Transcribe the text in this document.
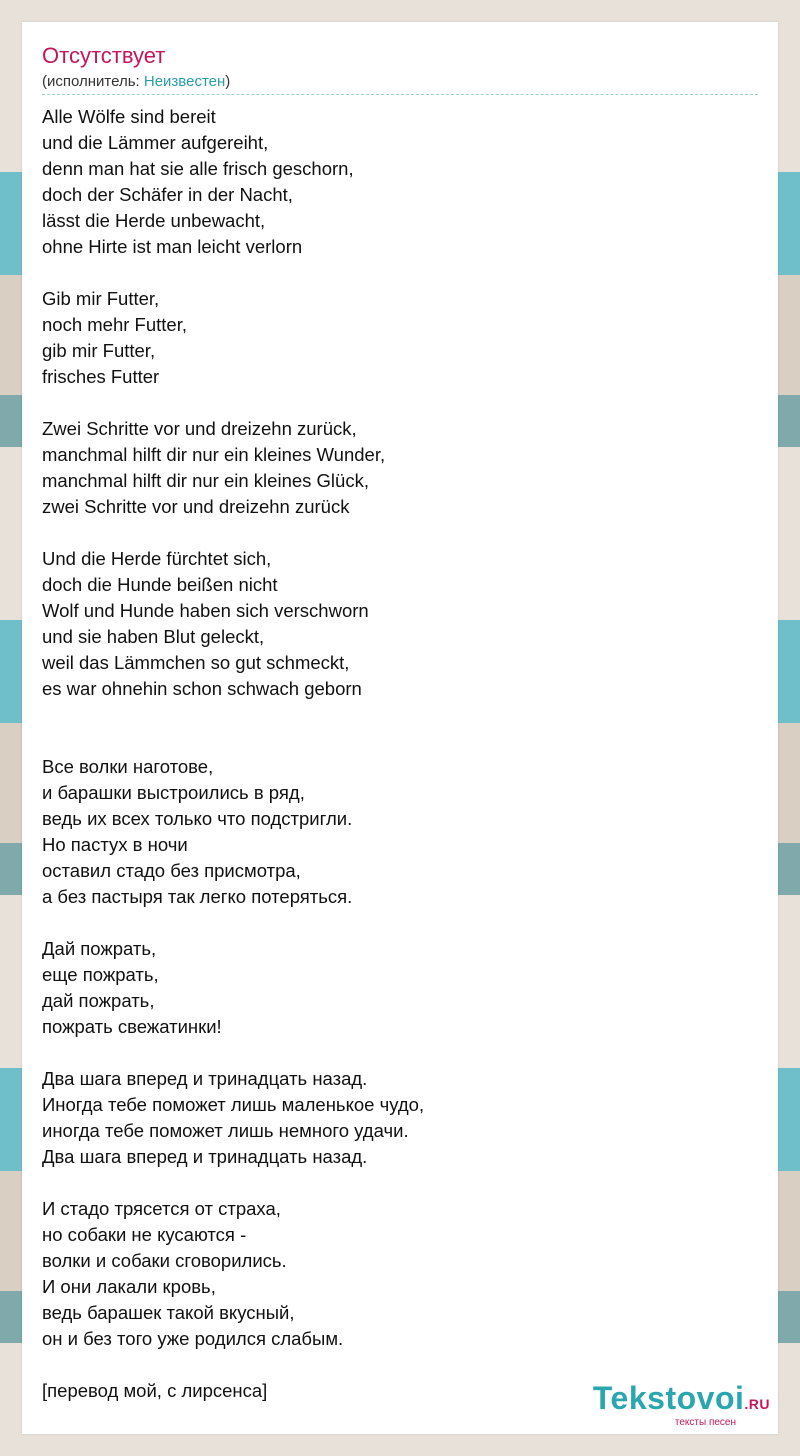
Отсутствует
(исполнитель: Неизвестен)
Alle Wölfe sind bereit
und die Lämmer aufgereiht,
denn man hat sie alle frisch geschorn,
doch der Schäfer in der Nacht,
lässt die Herde unbewacht,
ohne Hirte ist man leicht verlorn
Gib mir Futter,
noch mehr Futter,
gib mir Futter,
frisches Futter
Zwei Schritte vor und dreizehn zurück,
manchmal hilft dir nur ein kleines Wunder,
manchmal hilft dir nur ein kleines Glück,
zwei Schritte vor und dreizehn zurück
Und die Herde fürchtet sich,
doch die Hunde beißen nicht
Wolf und Hunde haben sich verschworn
und sie haben Blut geleckt,
weil das Lämmchen so gut schmeckt,
es war ohnehin schon schwach geborn
Все волки наготове,
и барашки выстроились в ряд,
ведь их всех только что подстригли.
Но пастух в ночи
оставил стадо без присмотра,
а без пастыря так легко потеряться.
Дай пожрать,
еще пожрать,
дай пожрать,
пожрать свежатинки!
Два шага вперед и тринадцать назад.
Иногда тебе поможет лишь маленькое чудо,
иногда тебе поможет лишь немного удачи.
Два шага вперед и тринадцать назад.
И стадо трясется от страха,
но собаки не кусаются -
волки и собаки сговорились.
И они лакали кровь,
ведь барашек такой вкусный,
он и без того уже родился слабым.
[перевод мой, с лирсенса]	Tekstovoi.RU
тексты песен
